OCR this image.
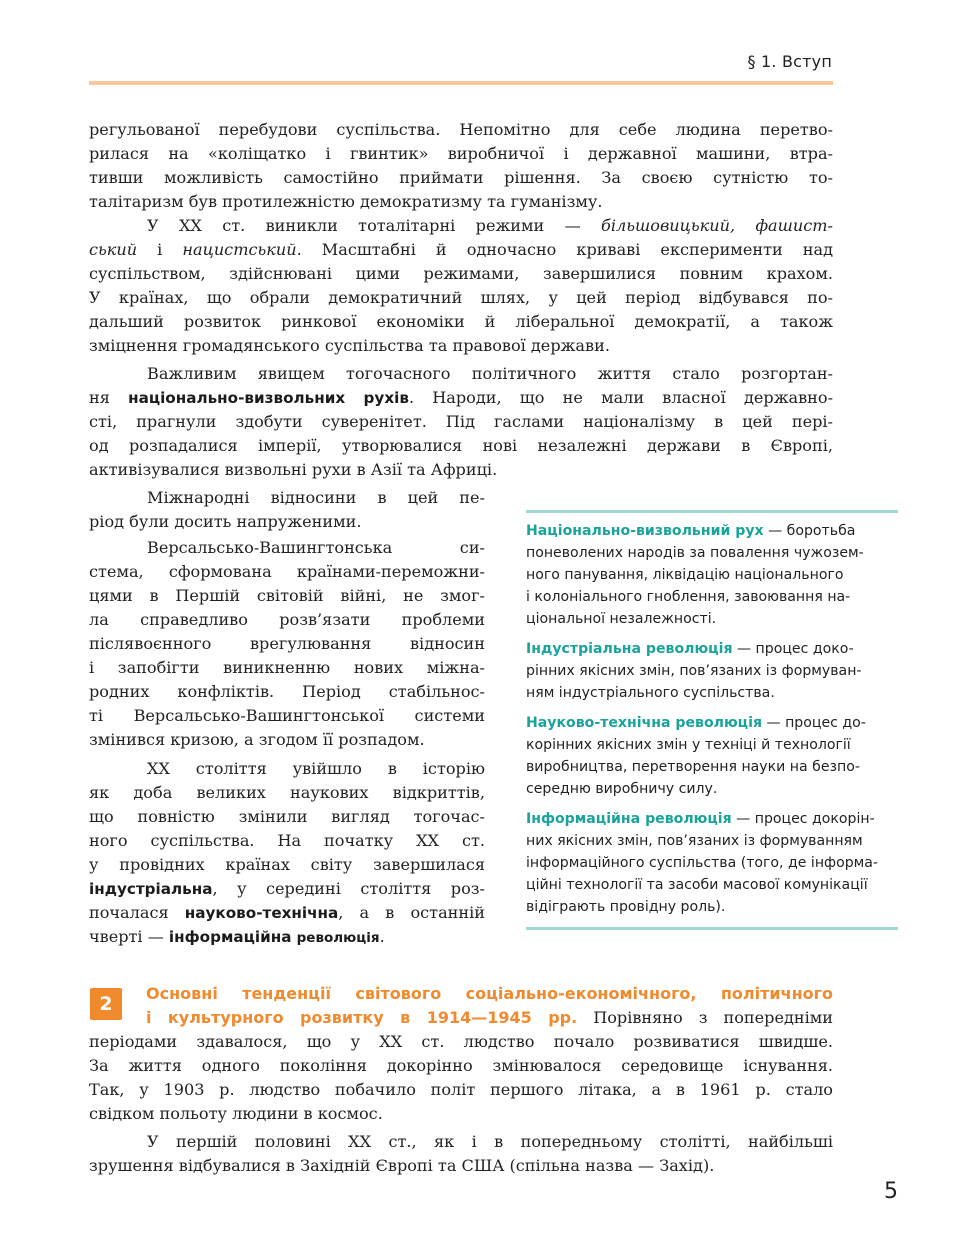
§ 1. Вступ
регульованої перебудови суспільства. Непомітно для себе людина перетво-
рилася на «коліщатко і гвинтик» виробничої і державної машини, втра-
тивши можливість самостійно приймати рішення. За своєю сутністю то-
талітаризм був протилежністю демократизму та гуманізму.
У XX ст. виникли тоталітарні режими — більшовицький, фашист-
ський і нацистський. Масштабні й одночасно криваві експерименти над
суспільством, здійснювані цими режимами, завершилися повним крахом.
У країнах, що обрали демократичний шлях, у цей період відбувався по-
дальший розвиток ринкової економіки й ліберальної демократії, а також
зміцнення громадянського суспільства та правової держави.
Важливим явищем тогочасного політичного життя стало розгортан-
ня національно-визвольних рухів. Народи, що не мали власної державно-
сті, прагнули здобути суверенітет. Під гаслами націоналізму в цей пері-
од розпадалися імперії, утворювалися нові незалежні держави в Європі,
активізувалися визвольні рухи в Азії та Африці.
Міжнародні відносини в цей пе-
ріод були досить напруженими.
Версальсько-Вашингтонська си-
стема, сформована країнами-переможни-
цями в Першій світовій війні, не змог-
ла справедливо розв’язати проблеми
післявоєнного врегулювання відносин
і запобігти виникненню нових міжна-
родних конфліктів. Період стабільнос-
ті Версальсько-Вашингтонської системи
змінився кризою, а згодом її розпадом.
XX століття увійшло в історію
як доба великих наукових відкриттів,
що повністю змінили вигляд тогочас-
ного суспільства. На початку XX ст.
у провідних країнах світу завершилася
індустріальна, у середині століття роз-
почалася науково-технічна, а в останній
чверті — інформаційна революція.
Національно-визвольний рух — боротьба
поневолених народів за повалення чужозем-
ного панування, ліквідацію національного
і колоніального гноблення, завоювання на-
ціональної незалежності.
Індустріальна революція — процес докo-
рінних якісних змін, пов’язаних із формуван-
ням індустріального суспільства.
Науково-технічна революція — процес до-
корінних якісних змін у техніці й технології
виробництва, перетворення науки на безпо-
середню виробничу силу.
Інформаційна революція — процес докорін-
них якісних змін, пов’язаних із формуванням
інформаційного суспільства (того, де інформа-
ційні технології та засоби масової комунікації
відіграють провідну роль).
2 Основні тенденції світового соціально-економічного, політичного
і культурного розвитку в 1914—1945 рр. Порівняно з попередніми
періодами здавалося, що у XX ст. людство почало розвиватися швидше.
За життя одного покоління докорінно змінювалося середовище існування.
Так, у 1903 р. людство побачило політ першого літака, а в 1961 р. стало
свідком польоту людини в космос.
У першій половині XX ст., як і в попередньому столітті, найбільші
зрушення відбувалися в Західній Європі та США (спільна назва — Захід).
5
